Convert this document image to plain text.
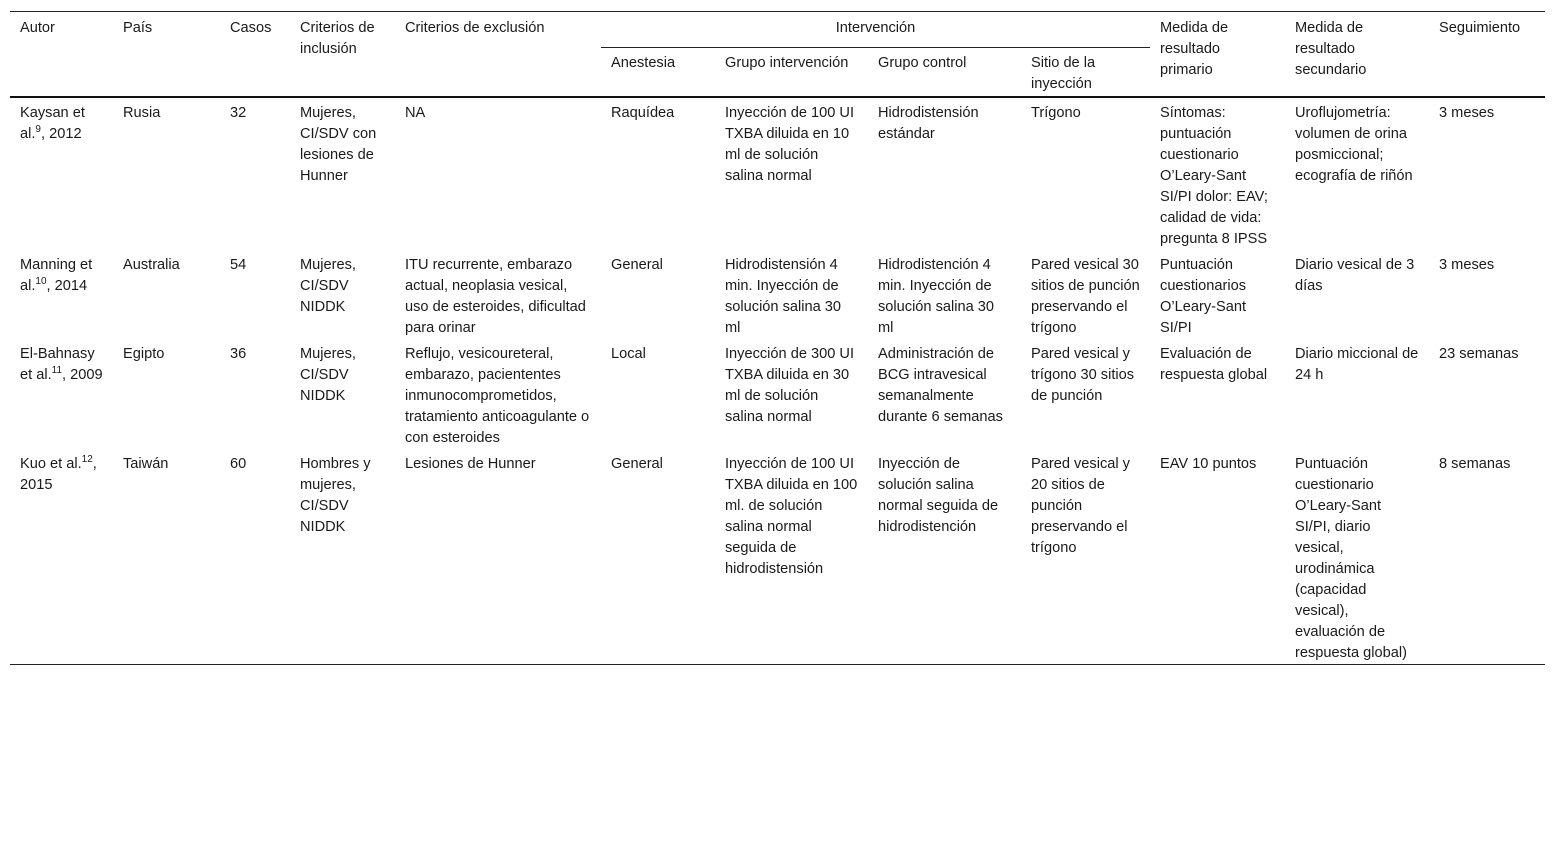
Autor	País	Casos	Criterios de inclusión	Criterios de exclusión	Intervención				Medida de resultado primario	Medida de resultado secundario	Seguimiento
					Anestesia	Grupo intervención	Grupo control	Sitio de la inyección			
Kaysan et al.$^9$, 2012	Rusia	32	Mujeres, CI/SDV con lesiones de Hunner	NA	Raquídea	Inyección de 100 UI TXBA diluida en 10 ml de solución salina normal	Hidrodistensión estándar	Trígono	Síntomas: puntuación cuestionario O’Leary-Sant SI/PI dolor: EAV; calidad de vida: pregunta 8 IPSS	Uroflujometría: volumen de orina posmiccional; ecografía de riñón	3 meses
Manning et al.$^{10}$, 2014	Australia	54	Mujeres, CI/SDV NIDDK	ITU recurrente, embarazo actual, neoplasia vesical, uso de esteroides, dificultad para orinar	General	Hidrodistensión 4 min. Inyección de solución salina 30 ml	Hidrodistención 4 min. Inyección de solución salina 30 ml	Pared vesical 30 sitios de punción preservando el trígono	Puntuación cuestionarios O’Leary-Sant SI/PI	Diario vesical de 3 días	3 meses
El-Bahnasy et al.$^{11}$, 2009	Egipto	36	Mujeres, CI/SDV NIDDK	Reflujo, vesicoureteral, embarazo, paciententes inmunocomprometidos, tratamiento anticoagulante o con esteroides	Local	Inyección de 300 UI TXBA diluida en 30 ml de solución salina normal	Administración de BCG intravesical semanalmente durante 6 semanas	Pared vesical y trígono 30 sitios de punción	Evaluación de respuesta global	Diario miccional de 24 h	23 semanas
Kuo et al.$^{12}$, 2015	Taiwán	60	Hombres y mujeres, CI/SDV NIDDK	Lesiones de Hunner	General	Inyección de 100 UI TXBA diluida en 100 ml. de solución salina normal seguida de hidrodistensión	Inyección de solución salina normal seguida de hidrodistención	Pared vesical y 20 sitios de punción preservando el trígono	EAV 10 puntos	Puntuación cuestionario O’Leary-Sant SI/PI, diario vesical, urodinámica (capacidad vesical), evaluación de respuesta global)	8 semanas
